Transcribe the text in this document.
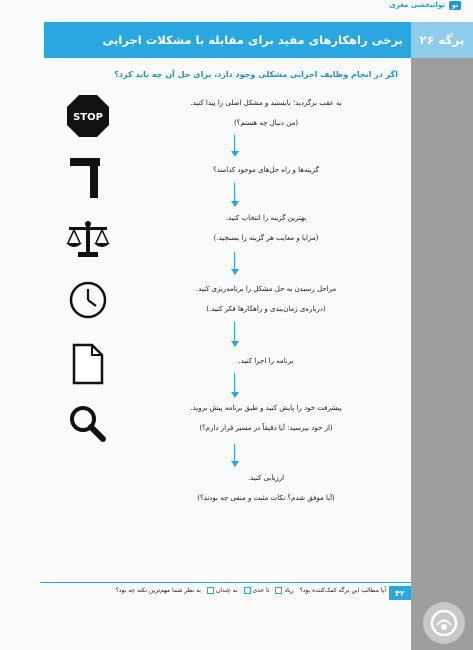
تو
توانبخشی مغزی
برگه ۲۶
برخی راهکارهای مفید برای مقابله با مشکلات اجرایی
اگر در انجام وظایف اجرایی مشکلی وجود دارد، برای حل آن چه باید کرد؟
STOP
به عقب برگردید؛ بایستید و مشکل اصلی را پیدا کنید.
(من دنبال چه هستم؟)
گزینه‌ها و راه حل‌های موجود کدامند؟
بهترین گزینه را انتخاب کنید.
(مزایا و معایب هر گزینه را بسنجید.)
مراحل رسیدن به حل مشکل را برنامه‌ریزی کنید.
(درباره‌ی زمان‌بندی و راهکارها فکر کنید.)
برنامه را اجرا کنید.
پیشرفت خود را پایش کنید و طبق برنامه پیش بروید.
(از خود بپرسید: آیا دقیقاً در مسیر قرار دارم؟)
ارزیابی کنید.
(آیا موفق شدم؟ نکات مثبت و منفی چه بودند؟)
۴۲
آیا مطالب این برگه کمک‌کننده بود؟
زیاد
تا حدی
نه چندان
به نظر شما مهم‌ترین نکته چه بود؟
